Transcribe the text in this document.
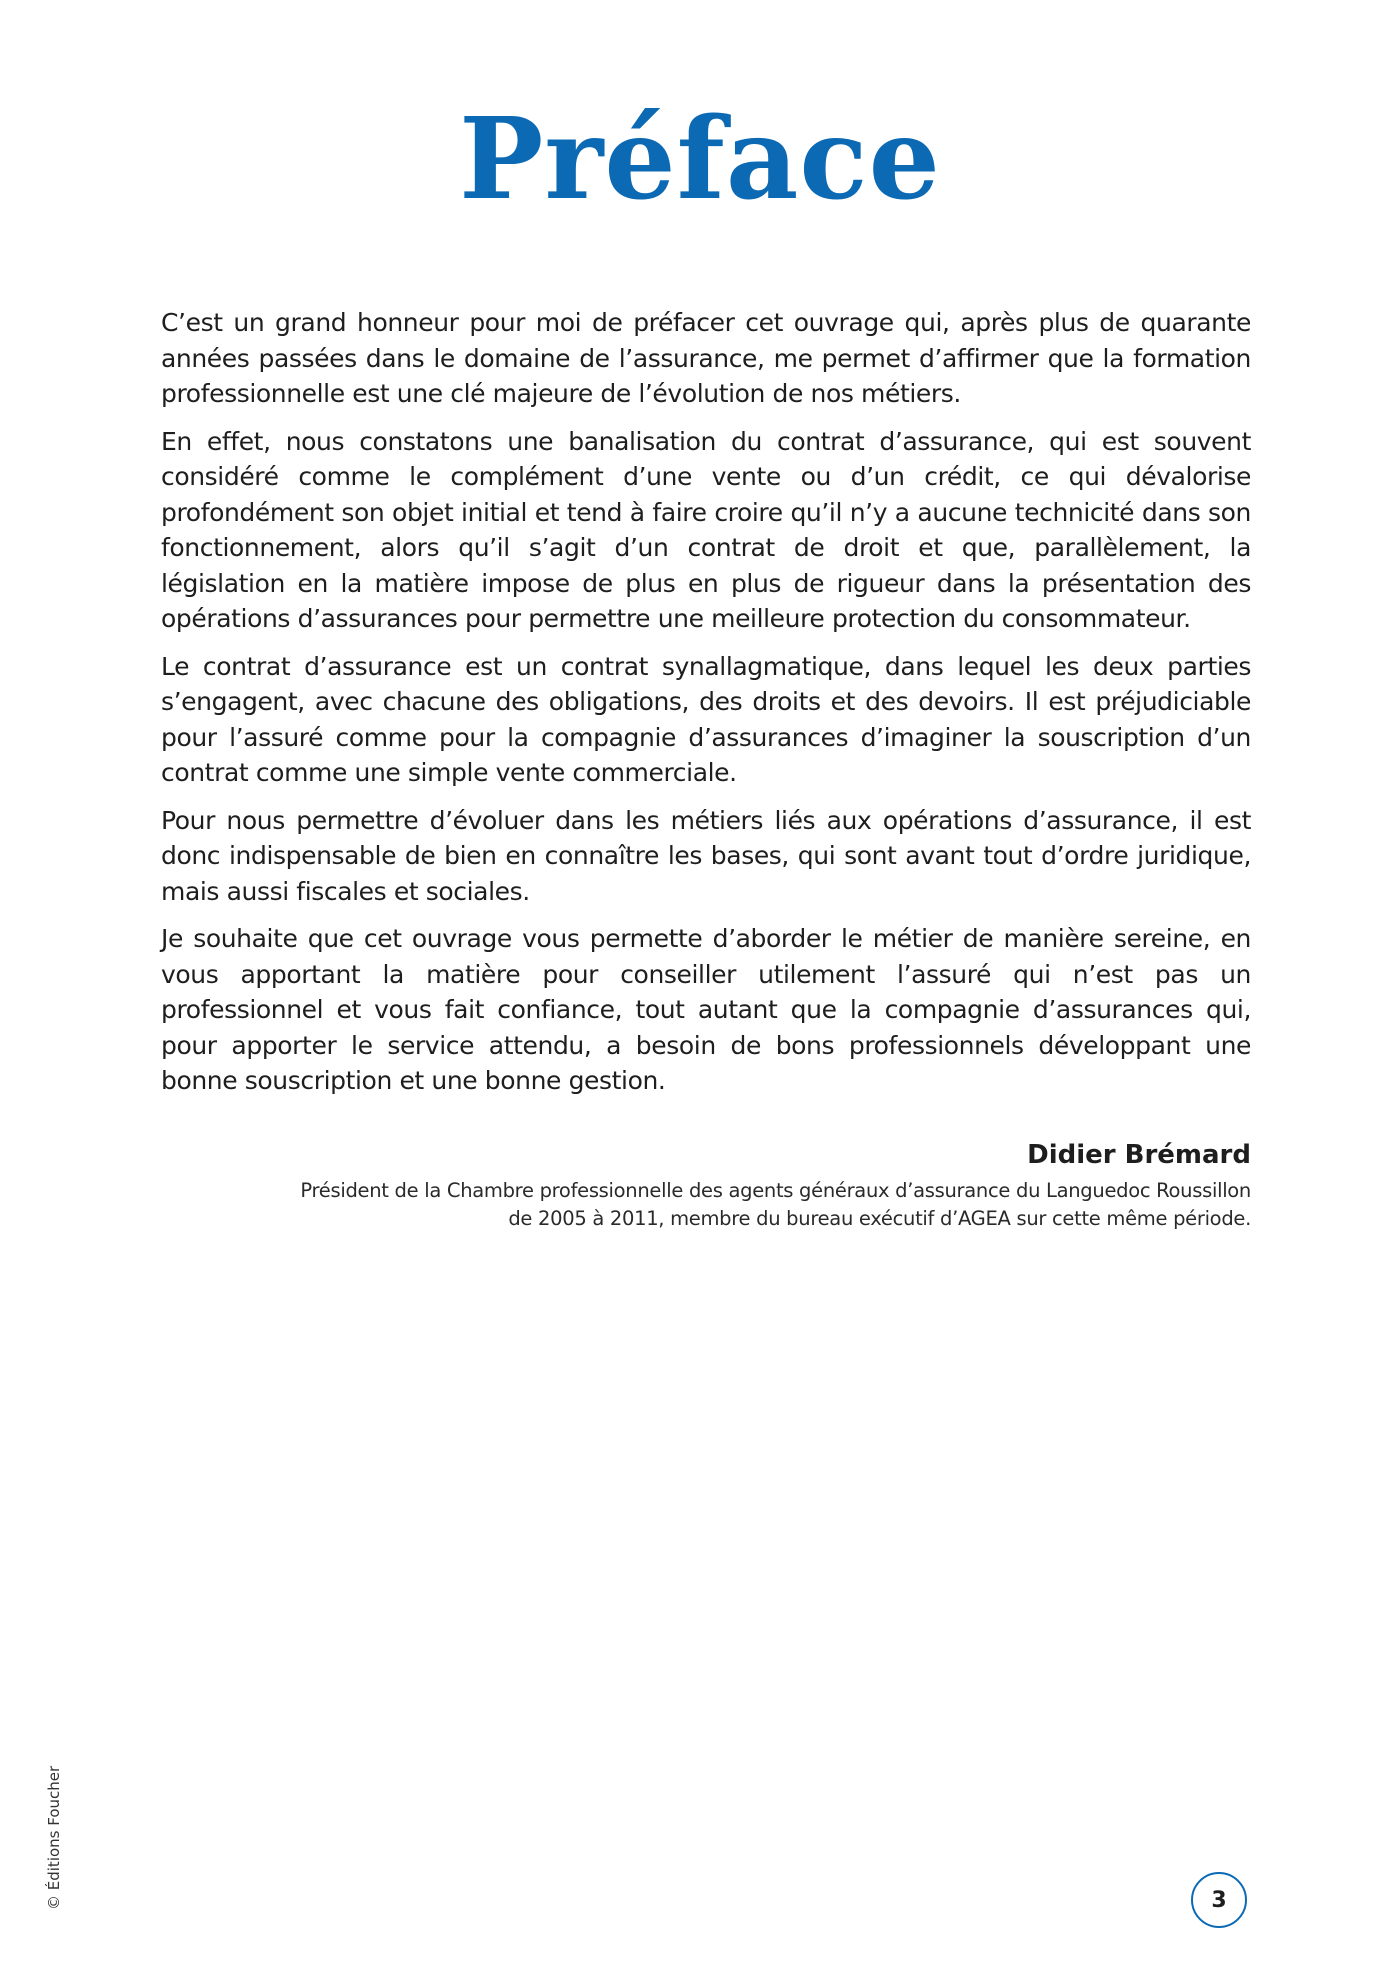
Préface

C’est un grand honneur pour moi de préfacer cet ouvrage qui, après plus de quarante années passées dans le domaine de l’assurance, me permet d’affirmer que la formation professionnelle est une clé majeure de l’évolution de nos métiers.

En effet, nous constatons une banalisation du contrat d’assurance, qui est souvent considéré comme le complément d’une vente ou d’un crédit, ce qui dévalorise profondément son objet initial et tend à faire croire qu’il n’y a aucune technicité dans son fonctionnement, alors qu’il s’agit d’un contrat de droit et que, parallèlement, la législation en la matière impose de plus en plus de rigueur dans la présentation des opérations d’assurances pour permettre une meilleure protection du consommateur.

Le contrat d’assurance est un contrat synallagmatique, dans lequel les deux parties s’engagent, avec chacune des obligations, des droits et des devoirs. Il est préjudiciable pour l’assuré comme pour la compagnie d’assurances d’imaginer la souscription d’un contrat comme une simple vente commerciale.

Pour nous permettre d’évoluer dans les métiers liés aux opérations d’assurance, il est donc indispensable de bien en connaître les bases, qui sont avant tout d’ordre juridique, mais aussi fiscales et sociales.

Je souhaite que cet ouvrage vous permette d’aborder le métier de manière sereine, en vous apportant la matière pour conseiller utilement l’assuré qui n’est pas un professionnel et vous fait confiance, tout autant que la compagnie d’assurances qui, pour apporter le service attendu, a besoin de bons professionnels développant une bonne souscription et une bonne gestion.

Didier Brémard
Président de la Chambre professionnelle des agents généraux d’assurance du Languedoc Roussillon
de 2005 à 2011, membre du bureau exécutif d’AGEA sur cette même période.
© Éditions Foucher	3
